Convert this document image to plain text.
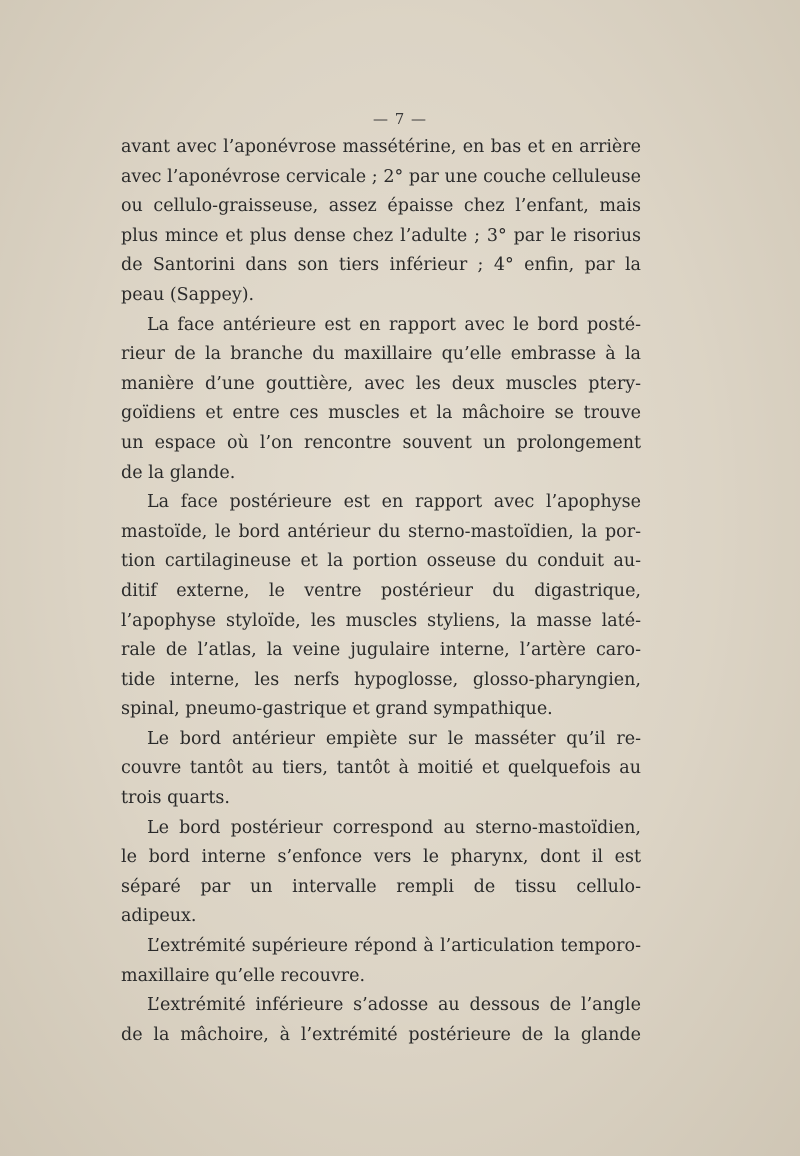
— 7 —
avant avec l’aponévrose massétérine, en bas et en arrière
avec l’aponévrose cervicale ; 2° par une couche celluleuse
ou cellulo-graisseuse, assez épaisse chez l’enfant, mais
plus mince et plus dense chez l’adulte ; 3° par le risorius
de Santorini dans son tiers inférieur ; 4° enfin, par la
peau (Sappey).
La face antérieure est en rapport avec le bord posté-
rieur de la branche du maxillaire qu’elle embrasse à la
manière d’une gouttière, avec les deux muscles ptery-
goïdiens et entre ces muscles et la mâchoire se trouve
un espace où l’on rencontre souvent un prolongement
de la glande.
La face postérieure est en rapport avec l’apophyse
mastoïde, le bord antérieur du sterno-mastoïdien, la por-
tion cartilagineuse et la portion osseuse du conduit au-
ditif externe, le ventre postérieur du digastrique,
l’apophyse styloïde, les muscles styliens, la masse laté-
rale de l’atlas, la veine jugulaire interne, l’artère caro-
tide interne, les nerfs hypoglosse, glosso-pharyngien,
spinal, pneumo-gastrique et grand sympathique.
Le bord antérieur empiète sur le masséter qu’il re-
couvre tantôt au tiers, tantôt à moitié et quelquefois au
trois quarts.
Le bord postérieur correspond au sterno-mastoïdien,
le bord interne s’enfonce vers le pharynx, dont il est
séparé par un intervalle rempli de tissu cellulo-
adipeux.
L’extrémité supérieure répond à l’articulation temporo-
maxillaire qu’elle recouvre.
L’extrémité inférieure s’adosse au dessous de l’angle
de la mâchoire, à l’extrémité postérieure de la glande
